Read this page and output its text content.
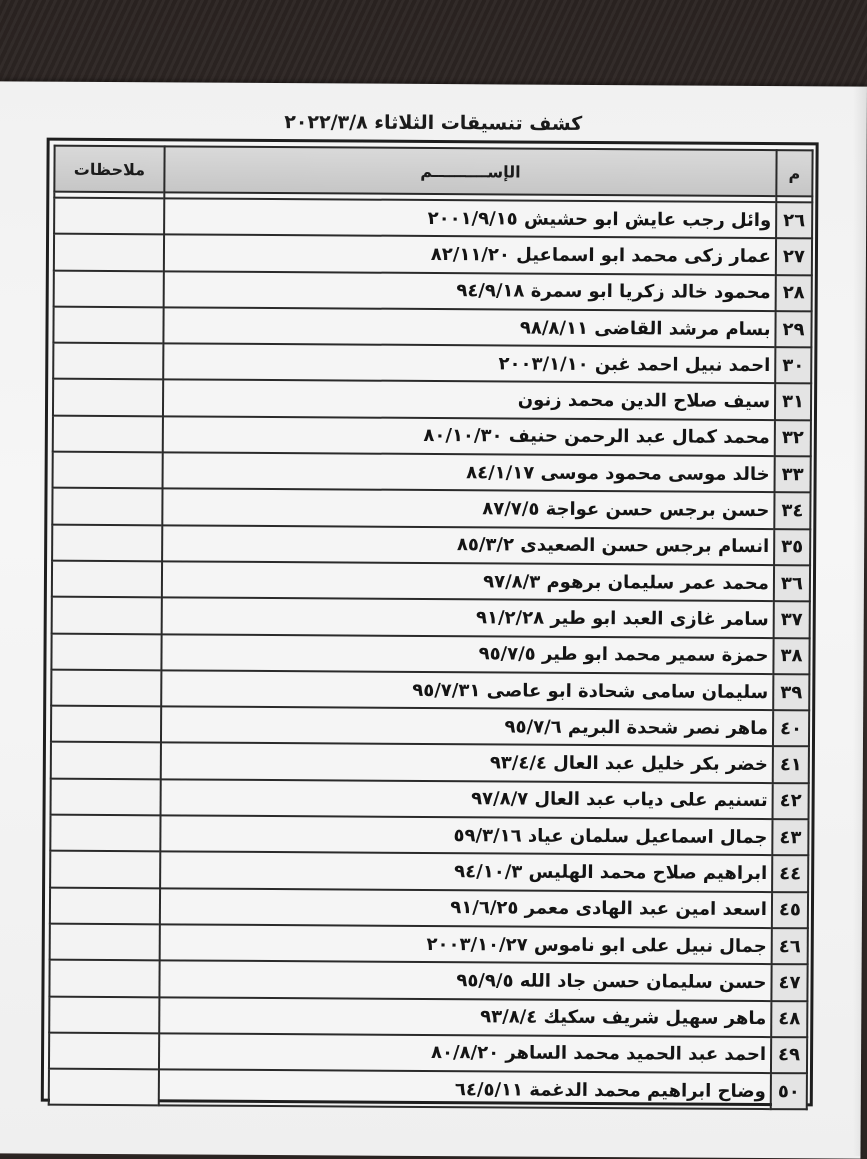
كشف تنسيقات الثلاثاء ٢٠٢٢/٣/٨
م	الإســــــــــم	ملاحظات

٢٦	وائل رجب عايش ابو حشيش ٢٠٠١/٩/١٥	
٢٧	عمار زكى محمد ابو اسماعيل ٨٢/١١/٢٠	
٢٨	محمود خالد زكريا ابو سمرة ٩٤/٩/١٨	
٢٩	بسام مرشد القاضى ٩٨/٨/١١	
٣٠	احمد نبيل احمد غبن ٢٠٠٣/١/١٠	
٣١	سيف صلاح الدين محمد زنون	
٣٢	محمد كمال عبد الرحمن حنيف ٨٠/١٠/٣٠	
٣٣	خالد موسى محمود موسى ٨٤/١/١٧	
٣٤	حسن برجس حسن عواجة ٨٧/٧/٥	
٣٥	انسام برجس حسن الصعيدى ٨٥/٣/٢	
٣٦	محمد عمر سليمان برهوم ٩٧/٨/٣	
٣٧	سامر غازى العبد ابو طير ٩١/٢/٢٨	
٣٨	حمزة سمير محمد ابو طير ٩٥/٧/٥	
٣٩	سليمان سامى شحادة ابو عاصى ٩٥/٧/٣١	
٤٠	ماهر نصر شحدة البريم ٩٥/٧/٦	
٤١	خضر بكر خليل عبد العال ٩٣/٤/٤	
٤٢	تسنيم على دياب عبد العال ٩٧/٨/٧	
٤٣	جمال اسماعيل سلمان عياد ٥٩/٣/١٦	
٤٤	ابراهيم صلاح محمد الهليس ٩٤/١٠/٣	
٤٥	اسعد امين عبد الهادى معمر ٩١/٦/٢٥	
٤٦	جمال نبيل على ابو ناموس ٢٠٠٣/١٠/٢٧	
٤٧	حسن سليمان حسن جاد الله ٩٥/٩/٥	
٤٨	ماهر سهيل شريف سكيك ٩٣/٨/٤	
٤٩	احمد عبد الحميد محمد الساهر ٨٠/٨/٢٠	
٥٠	وضاح ابراهيم محمد الدغمة ٦٤/٥/١١	
